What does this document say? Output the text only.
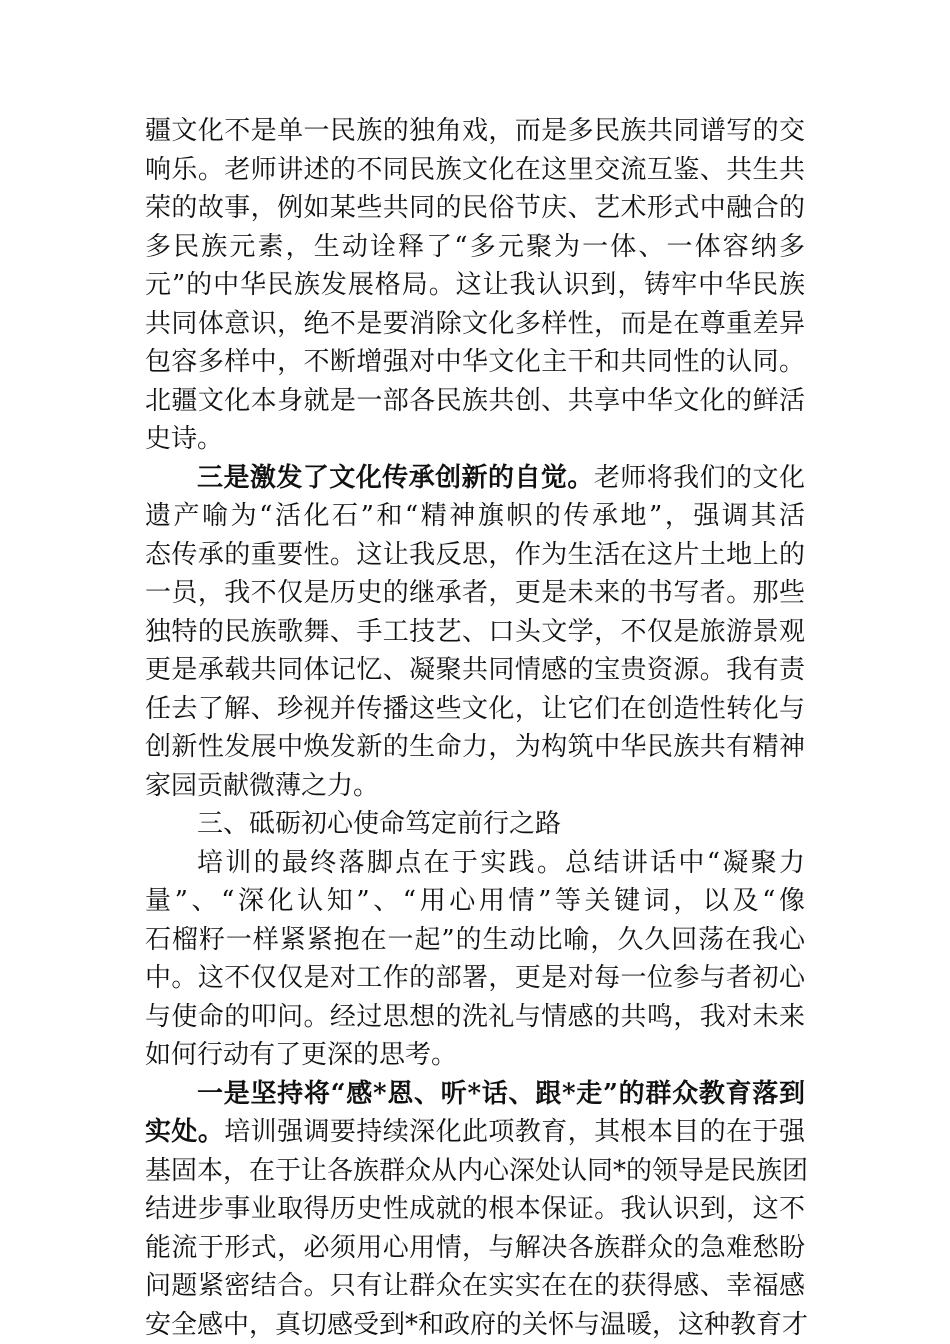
疆文化不是单一民族的独角戏，而是多民族共同谱写的交
响乐。老师讲述的不同民族文化在这里交流互鉴、共生共
荣的故事，例如某些共同的民俗节庆、艺术形式中融合的
多民族元素，生动诠释了“多元聚为一体、一体容纳多
元”的中华民族发展格局。这让我认识到，铸牢中华民族
共同体意识，绝不是要消除文化多样性，而是在尊重差异
包容多样中，不断增强对中华文化主干和共同性的认同。
北疆文化本身就是一部各民族共创、共享中华文化的鲜活
史诗。
三是激发了文化传承创新的自觉。老师将我们的文化
遗产喻为“活化石”和“精神旗帜的传承地”，强调其活
态传承的重要性。这让我反思，作为生活在这片土地上的
一员，我不仅是历史的继承者，更是未来的书写者。那些
独特的民族歌舞、手工技艺、口头文学，不仅是旅游景观
更是承载共同体记忆、凝聚共同情感的宝贵资源。我有责
任去了解、珍视并传播这些文化，让它们在创造性转化与
创新性发展中焕发新的生命力，为构筑中华民族共有精神
家园贡献微薄之力。
三、砥砺初心使命笃定前行之路
培训的最终落脚点在于实践。总结讲话中“凝聚力
量”、“深化认知”、“用心用情”等关键词，以及“像
石榴籽一样紧紧抱在一起”的生动比喻，久久回荡在我心
中。这不仅仅是对工作的部署，更是对每一位参与者初心
与使命的叩问。经过思想的洗礼与情感的共鸣，我对未来
如何行动有了更深的思考。
一是坚持将“感*恩、听*话、跟*走”的群众教育落到
实处。培训强调要持续深化此项教育，其根本目的在于强
基固本，在于让各族群众从内心深处认同*的领导是民族团
结进步事业取得历史性成就的根本保证。我认识到，这不
能流于形式，必须用心用情，与解决各族群众的急难愁盼
问题紧密结合。只有让群众在实实在在的获得感、幸福感
安全感中，真切感受到*和政府的关怀与温暖，这种教育才
